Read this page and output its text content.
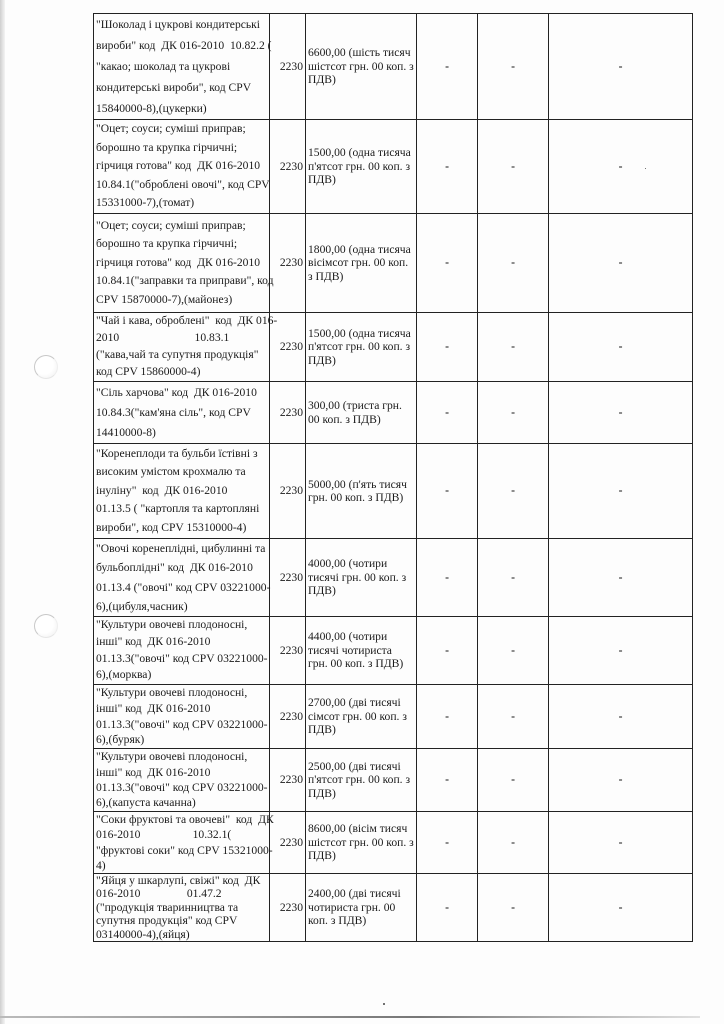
"Шоколад і цукрові кондитерські
вироби" код  ДК 016-2010  10.82.2 (
"какао; шоколад та цукрові
кондитерські вироби", код CPV
15840000-8),(цукерки)	2230	6600,00 (шість тисяч шістсот грн. 00 коп. з ПДВ)	-	-	-

"Оцет; соуси; суміші приправ;
борошно та крупка гірчичні;
гірчиця готова" код  ДК 016-2010
10.84.1("оброблені овочі", код CPV
15331000-7),(томат)	2230	1500,00 (одна тисяча п'ятсот грн. 00 коп. з ПДВ)	-	-	-

"Оцет; соуси; суміші приправ;
борошно та крупка гірчичні;
гірчиця готова" код  ДК 016-2010
10.84.1("заправки та приправи", код
CPV 15870000-7),(майонез)	2230	1800,00 (одна тисяча вісімсот грн. 00 коп. з ПДВ)	-	-	-

"Чай і кава, оброблені"  код  ДК 016-
2010                          10.83.1
("кава,чай та супутня продукція"
код CPV 15860000-4)	2230	1500,00 (одна тисяча п'ятсот грн. 00 коп. з ПДВ)	-	-	-

"Сіль харчова" код  ДК 016-2010
10.84.3("кам'яна сіль", код CPV
14410000-8)	2230	300,00 (триста грн. 00 коп. з ПДВ)	-	-	-

"Коренеплоди та бульби їстівні з
високим умістом крохмалю та
інуліну"  код  ДК 016-2010
01.13.5 ( "картопля та картопляні
вироби", код CPV 15310000-4)	2230	5000,00 (п'ять тисяч грн. 00 коп. з ПДВ)	-	-	-

"Овочі коренеплідні, цибулинні та
бульбоплідні" код  ДК 016-2010
01.13.4 ("овочі" код CPV 03221000-
6),(цибуля,часник)	2230	4000,00 (чотири тисячі грн. 00 коп. з ПДВ)	-	-	-

"Культури овочеві плодоносні,
інші" код  ДК 016-2010
01.13.3("овочі" код CPV 03221000-
6),(морква)	2230	4400,00 (чотири тисячі чотириста грн. 00 коп. з ПДВ)	-	-	-

"Культури овочеві плодоносні,
інші" код  ДК 016-2010
01.13.3("овочі" код CPV 03221000-
6),(буряк)	2230	2700,00 (дві тисячі сімсот грн. 00 коп. з ПДВ)	-	-	-

"Культури овочеві плодоносні,
інші" код  ДК 016-2010
01.13.3("овочі" код CPV 03221000-
6),(капуста качанна)	2230	2500,00 (дві тисячі п'ятсот грн. 00 коп. з ПДВ)	-	-	-

"Соки фруктові та овочеві"  код  ДК
016-2010                  10.32.1(
"фруктові соки" код CPV 15321000-
4)	2230	8600,00 (вісім тисяч шістсот грн. 00 коп. з ПДВ)	-	-	-

"Яйця у шкарлупі, свіжі" код  ДК
016-2010                01.47.2
("продукція тваринництва та
супутня продукція" код CPV
03140000-4),(яйця)	2230	2400,00 (дві тисячі чотириста грн. 00 коп. з ПДВ)	-	-	-
